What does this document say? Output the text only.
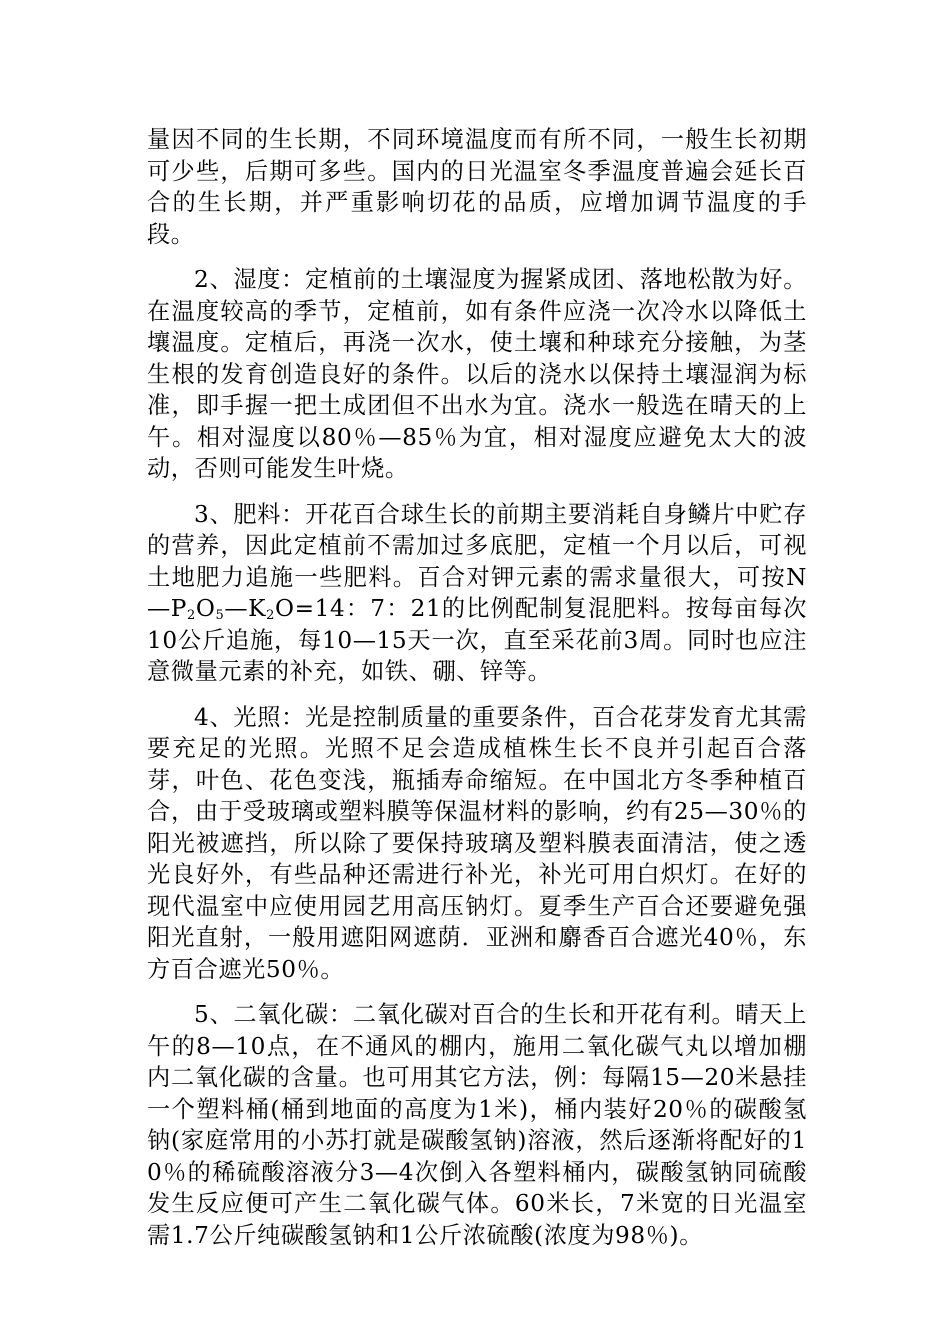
量因不同的生长期，不同环境温度而有所不同，一般生长初期可少些，后期可多些。国内的日光温室冬季温度普遍会延长百合的生长期，并严重影响切花的品质，应增加调节温度的手段。

2、湿度：定植前的土壤湿度为握紧成团、落地松散为好。在温度较高的季节，定植前，如有条件应浇一次冷水以降低土壤温度。定植后，再浇一次水，使土壤和种球充分接触，为茎生根的发育创造良好的条件。以后的浇水以保持土壤湿润为标准，即手握一把土成团但不出水为宜。浇水一般选在晴天的上午。相对湿度以80％—85％为宜，相对湿度应避免太大的波动，否则可能发生叶烧。

3、肥料：开花百合球生长的前期主要消耗自身鳞片中贮存的营养，因此定植前不需加过多底肥，定植一个月以后，可视土地肥力追施一些肥料。百合对钾元素的需求量很大，可按$N—P_2O_5—K_2O=14$：7：21的比例配制复混肥料。按每亩每次10公斤追施，每10—15天一次，直至采花前3周。同时也应注意微量元素的补充，如铁、硼、锌等。

4、光照：光是控制质量的重要条件，百合花芽发育尤其需要充足的光照。光照不足会造成植株生长不良并引起百合落芽，叶色、花色变浅，瓶插寿命缩短。在中国北方冬季种植百合，由于受玻璃或塑料膜等保温材料的影响，约有25—30％的阳光被遮挡，所以除了要保持玻璃及塑料膜表面清洁，使之透光良好外，有些品种还需进行补光，补光可用白炽灯。在好的现代温室中应使用园艺用高压钠灯。夏季生产百合还要避免强阳光直射，一般用遮阳网遮荫．亚洲和麝香百合遮光40％，东方百合遮光50％。

5、二氧化碳：二氧化碳对百合的生长和开花有利。晴天上午的8—10点，在不通风的棚内，施用二氧化碳气丸以增加棚内二氧化碳的含量。也可用其它方法，例：每隔15—20米悬挂一个塑料桶(桶到地面的高度为1米)，桶内装好20％的碳酸氢钠(家庭常用的小苏打就是碳酸氢钠)溶液，然后逐渐将配好的10％的稀硫酸溶液分3—4次倒入各塑料桶内，碳酸氢钠同硫酸发生反应便可产生二氧化碳气体。60米长，7米宽的日光温室需1.7公斤纯碳酸氢钠和1公斤浓硫酸(浓度为98％)。
